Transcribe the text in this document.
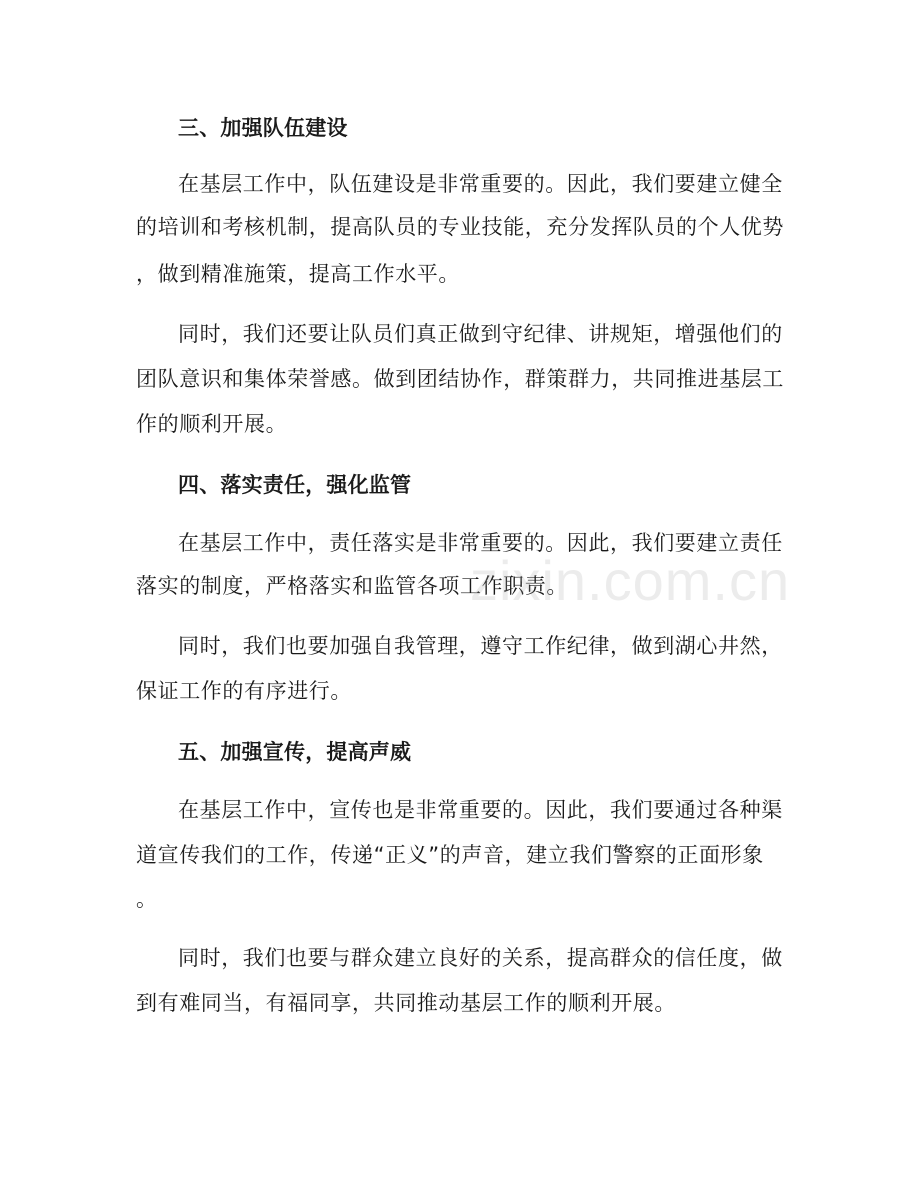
三、加强队伍建设
在基层工作中，队伍建设是非常重要的。因此，我们要建立健全
的培训和考核机制，提高队员的专业技能，充分发挥队员的个人优势
，做到精准施策，提高工作水平。
同时，我们还要让队员们真正做到守纪律、讲规矩，增强他们的
团队意识和集体荣誉感。做到团结协作，群策群力，共同推进基层工
作的顺利开展。
四、落实责任，强化监管
在基层工作中，责任落实是非常重要的。因此，我们要建立责任
落实的制度，严格落实和监管各项工作职责。
同时，我们也要加强自我管理，遵守工作纪律，做到湖心井然，
保证工作的有序进行。
五、加强宣传，提高声威
在基层工作中，宣传也是非常重要的。因此，我们要通过各种渠
道宣传我们的工作，传递“正义”的声音，建立我们警察的正面形象
。
同时，我们也要与群众建立良好的关系，提高群众的信任度，做
到有难同当，有福同享，共同推动基层工作的顺利开展。
zixin.com.cn
